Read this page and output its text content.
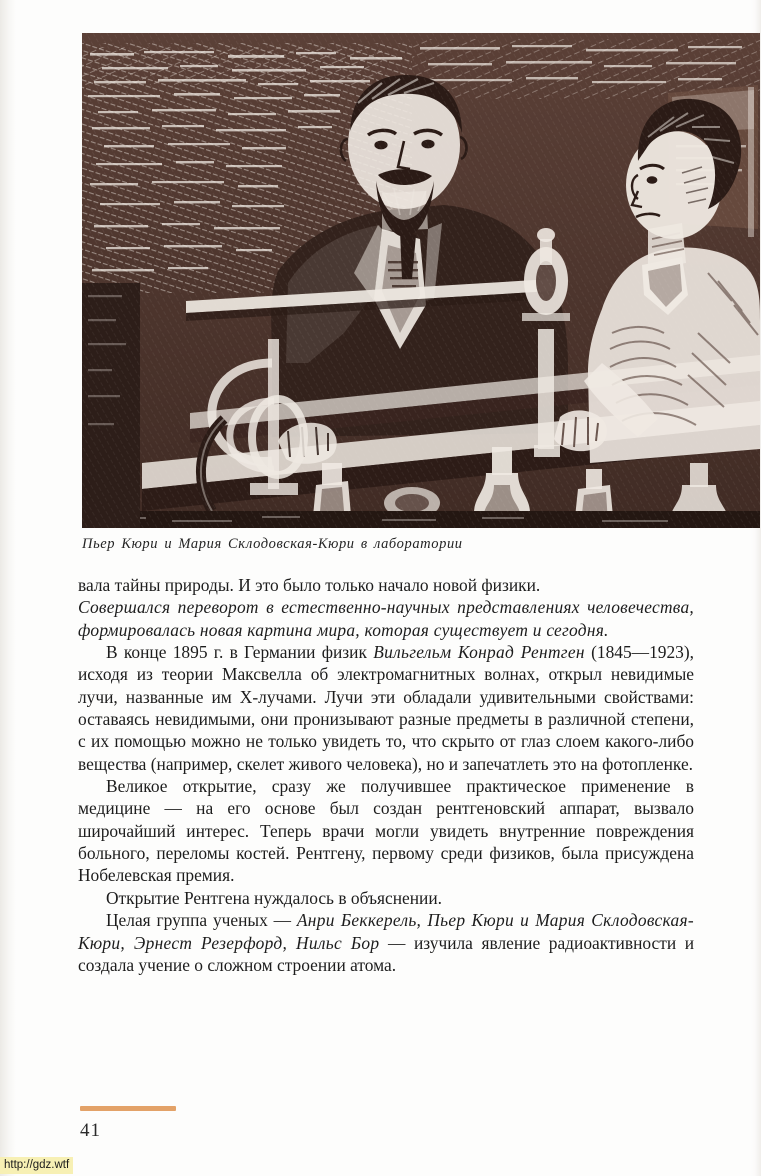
Пьер Кюри и Мария Склодовская-Кюри в лаборатории

вала тайны природы. И это было только начало новой физики.

Совершался переворот в естественно-научных представлениях человечества, формировалась новая картина мира, которая существует и сегодня.

В конце 1895 г. в Германии физик Вильгельм Конрад Рентген (1845—1923), исходя из теории Максвелла об электромагнитных волнах, открыл невидимые лучи, названные им Х-лучами. Лучи эти обладали удивительными свойствами: оставаясь невидимыми, они пронизывают разные предметы в различной степени, с их помощью можно не только увидеть то, что скрыто от глаз слоем какого-либо вещества (например, скелет живого человека), но и запечатлеть это на фотопленке.

Великое открытие, сразу же получившее практическое применение в медицине — на его основе был создан рентгеновский аппарат, вызвало широчайший интерес. Теперь врачи могли увидеть внутренние повреждения больного, переломы костей. Рентгену, первому среди физиков, была присуждена Нобелевская премия.

Открытие Рентгена нуждалось в объяснении.

Целая группа ученых — Анри Беккерель, Пьер Кюри и Мария Склодовская-Кюри, Эрнест Резерфорд, Нильс Бор — изучила явление радиоактивности и создала учение о сложном строении атома.

41
http://gdz.wtf
